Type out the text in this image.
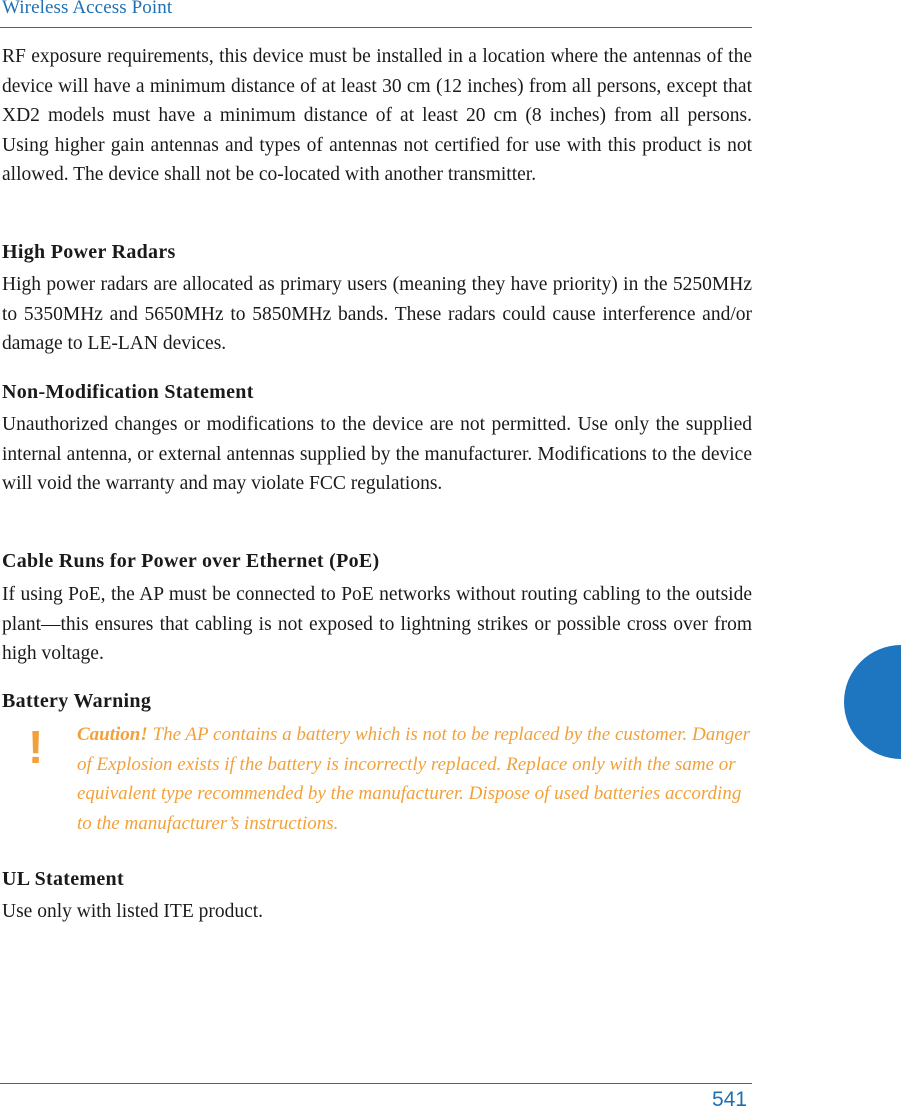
Wireless Access Point
RF exposure requirements, this device must be installed in a location where the antennas of the device will have a minimum distance of at least 30 cm (12 inches) from all persons, except that XD2 models must have a minimum distance of at least 20 cm (8 inches) from all persons. Using higher gain antennas and types of antennas not certified for use with this product is not allowed. The device shall not be co-located with another transmitter.
High Power Radars
High power radars are allocated as primary users (meaning they have priority) in the 5250MHz to 5350MHz and 5650MHz to 5850MHz bands. These radars could cause interference and/or damage to LE-LAN devices.
Non-Modification Statement
Unauthorized changes or modifications to the device are not permitted. Use only the supplied internal antenna, or external antennas supplied by the manufacturer. Modifications to the device will void the warranty and may violate FCC regulations.
Cable Runs for Power over Ethernet (PoE)
If using PoE, the AP must be connected to PoE networks without routing cabling to the outside plant—this ensures that cabling is not exposed to lightning strikes or possible cross over from high voltage.
Battery Warning
! Caution! The AP contains a battery which is not to be replaced by the customer. Danger of Explosion exists if the battery is incorrectly replaced. Replace only with the same or equivalent type recommended by the manufacturer. Dispose of used batteries according to the manufacturer’s instructions.
UL Statement
Use only with listed ITE product.
541
